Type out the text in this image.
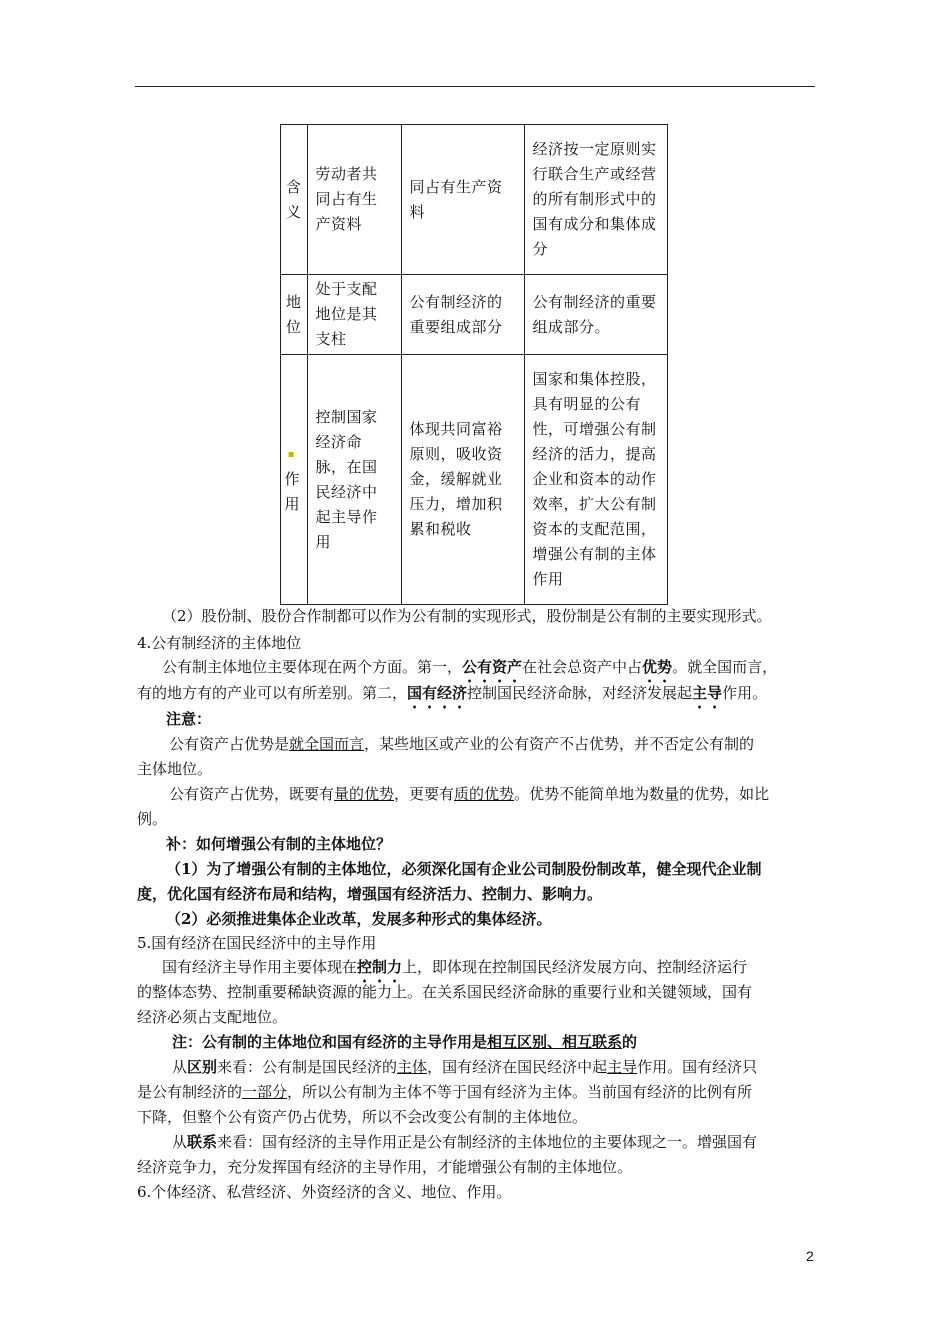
含义	劳动者共同占有生产资料	同占有生产资料	经济按一定原则实行联合生产或经营的所有制形式中的国有成分和集体成分
地位	处于支配地位是其支柱	公有制经济的重要组成部分	公有制经济的重要组成部分。
▪作用	控制国家经济命脉，在国民经济中起主导作用	体现共同富裕原则，吸收资金，缓解就业压力，增加积累和税收	国家和集体控股，具有明显的公有性，可增强公有制经济的活力，提高企业和资本的动作效率，扩大公有制资本的支配范围，增强公有制的主体作用

（2）股份制、股份合作制都可以作为公有制的实现形式，股份制是公有制的主要实现形式。

4.公有制经济的主体地位

公有制主体地位主要体现在两个方面。第一，公有资产在社会总资产中占优势。就全国而言，

有的地方有的产业可以有所差别。第二，国有经济控制国民经济命脉，对经济发展起主导作用。

注意：

公有资产占优势是就全国而言，某些地区或产业的公有资产不占优势，并不否定公有制的

主体地位。

公有资产占优势，既要有量的优势，更要有质的优势。优势不能简单地为数量的优势，如比

例。

补：如何增强公有制的主体地位？

（1）为了增强公有制的主体地位，必须深化国有企业公司制股份制改革，健全现代企业制

度，优化国有经济布局和结构，增强国有经济活力、控制力、影响力。

（2）必须推进集体企业改革，发展多种形式的集体经济。

5.国有经济在国民经济中的主导作用

国有经济主导作用主要体现在控制力上，即体现在控制国民经济发展方向、控制经济运行

的整体态势、控制重要稀缺资源的能力上。在关系国民经济命脉的重要行业和关键领域，国有

经济必须占支配地位。

注：公有制的主体地位和国有经济的主导作用是相互区别、相互联系的

从区别来看：公有制是国民经济的主体，国有经济在国民经济中起主导作用。国有经济只

是公有制经济的一部分，所以公有制为主体不等于国有经济为主体。当前国有经济的比例有所

下降，但整个公有资产仍占优势，所以不会改变公有制的主体地位。

从联系来看：国有经济的主导作用正是公有制经济的主体地位的主要体现之一。增强国有

经济竞争力，充分发挥国有经济的主导作用，才能增强公有制的主体地位。

6.个体经济、私营经济、外资经济的含义、地位、作用。

2
